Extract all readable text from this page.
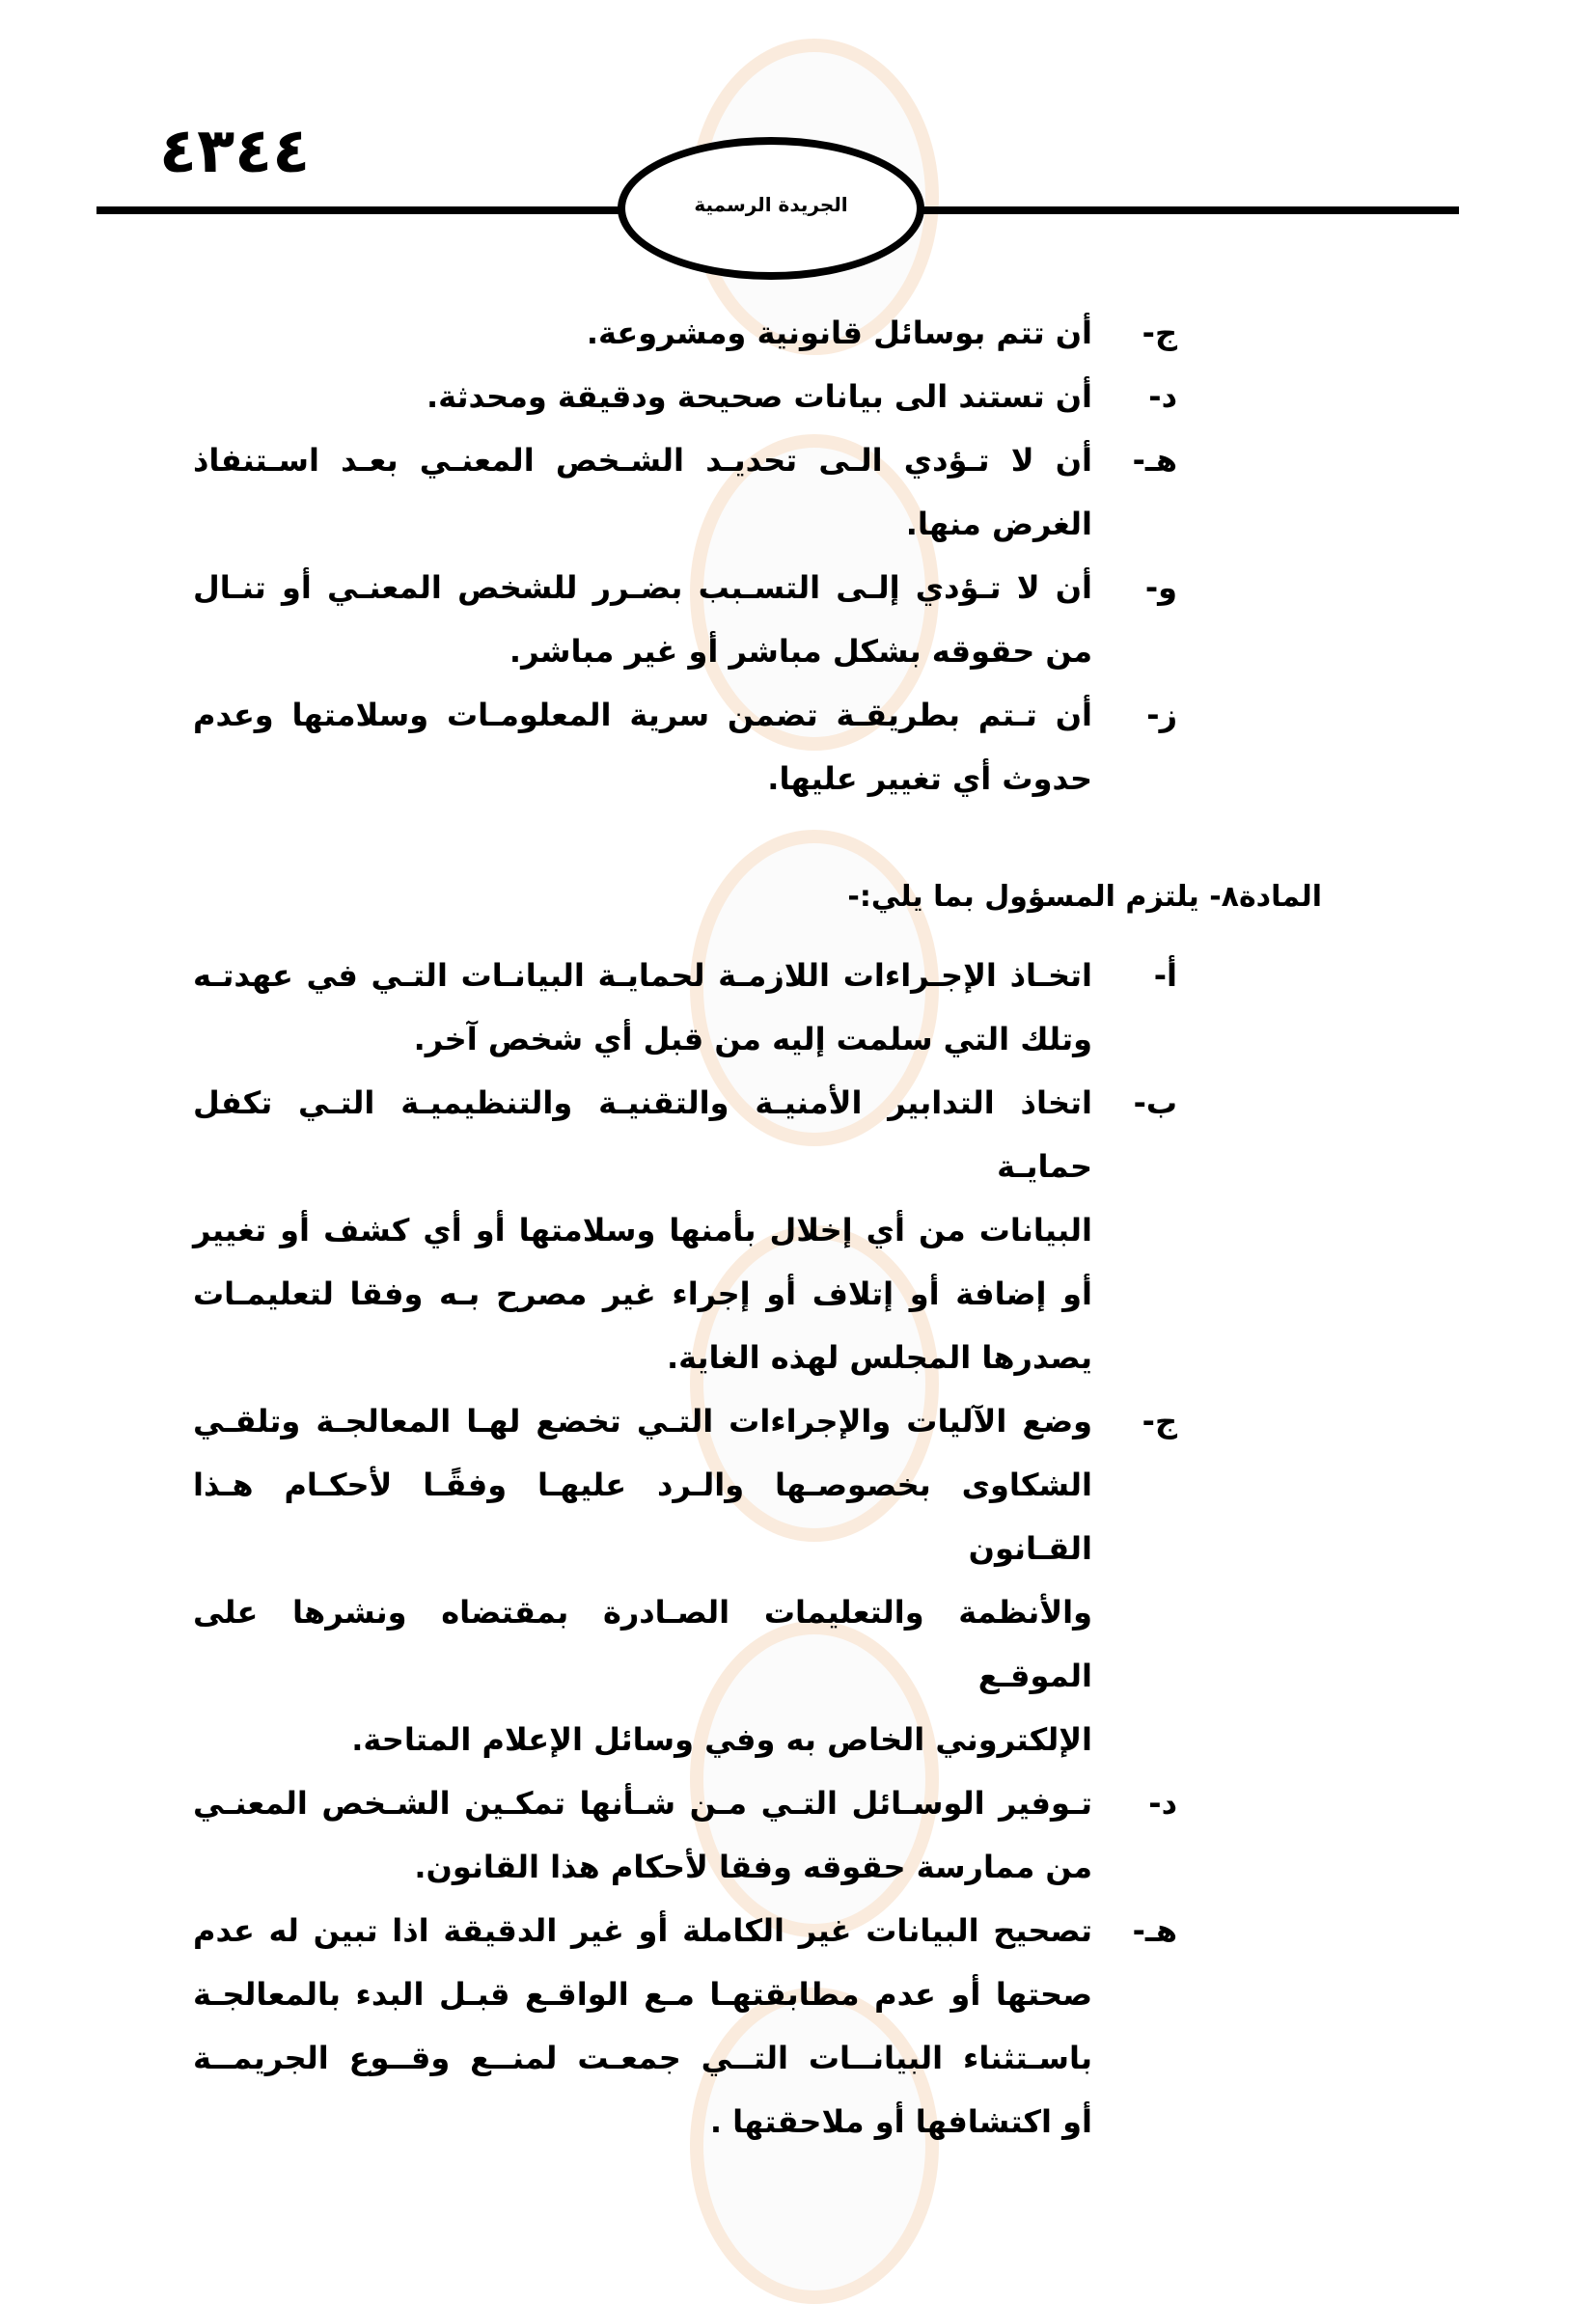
٤٣٤٤
الجريدة الرسمية
ج-
أن تتم بوسائل قانونية ومشروعة.
د-
أن تستند الى بيانات صحيحة ودقيقة ومحدثة.
هـ-
أن لا تـؤدي الـى تحديـد الشـخص المعنـي بعـد اسـتنفاذ
الغرض منها.
و-
أن لا تـؤدي إلـى التسـبب بضـرر للشخص المعنـي أو تنـال
من حقوقه بشكل مباشر أو غير مباشر.
ز-
أن تـتم بطريقـة تضمن سرية المعلومـات وسلامتها وعدم
حدوث أي تغيير عليها.
المادة٨- يلتزم المسؤول بما يلي:-
أ-
اتخـاذ الإجـراءات اللازمـة لحمايـة البيانـات التـي في عهدتـه
وتلك التي سلمت إليه من قبل أي شخص آخر.
ب-
اتخاذ التدابير الأمنيـة والتقنيـة والتنظيميـة التـي تكفل حمايـة
البيانات من أي إخلال بأمنها وسلامتها أو أي كشف أو تغيير
أو إضافة أو إتلاف أو إجراء غير مصرح بـه وفقا لتعليمـات
يصدرها المجلس لهذه الغاية.
ج-
وضع الآليات والإجراءات التـي تخضع لهـا المعالجـة وتلقـي
الشكاوى بخصوصـها والـرد عليهـا وفقًـا لأحكـام هـذا القـانون
والأنظمة والتعليمات الصـادرة بمقتضاه ونشرها على الموقـع
الإلكتروني الخاص به وفي وسائل الإعلام المتاحة.
د-
تـوفير الوسـائل التـي مـن شـأنها تمكـين الشـخص المعنـي
من ممارسة حقوقه وفقا لأحكام هذا القانون.
هـ-
تصحيح البيانات غير الكاملة أو غير الدقيقة اذا تبين له عدم
صحتها أو عدم مطابقتهـا مـع الواقـع قبـل البدء بالمعالجـة
باسـتثناء البيانــات التــي جمعـت لمنــع وقــوع الجريمــة
أو اكتشافها أو ملاحقتها .
